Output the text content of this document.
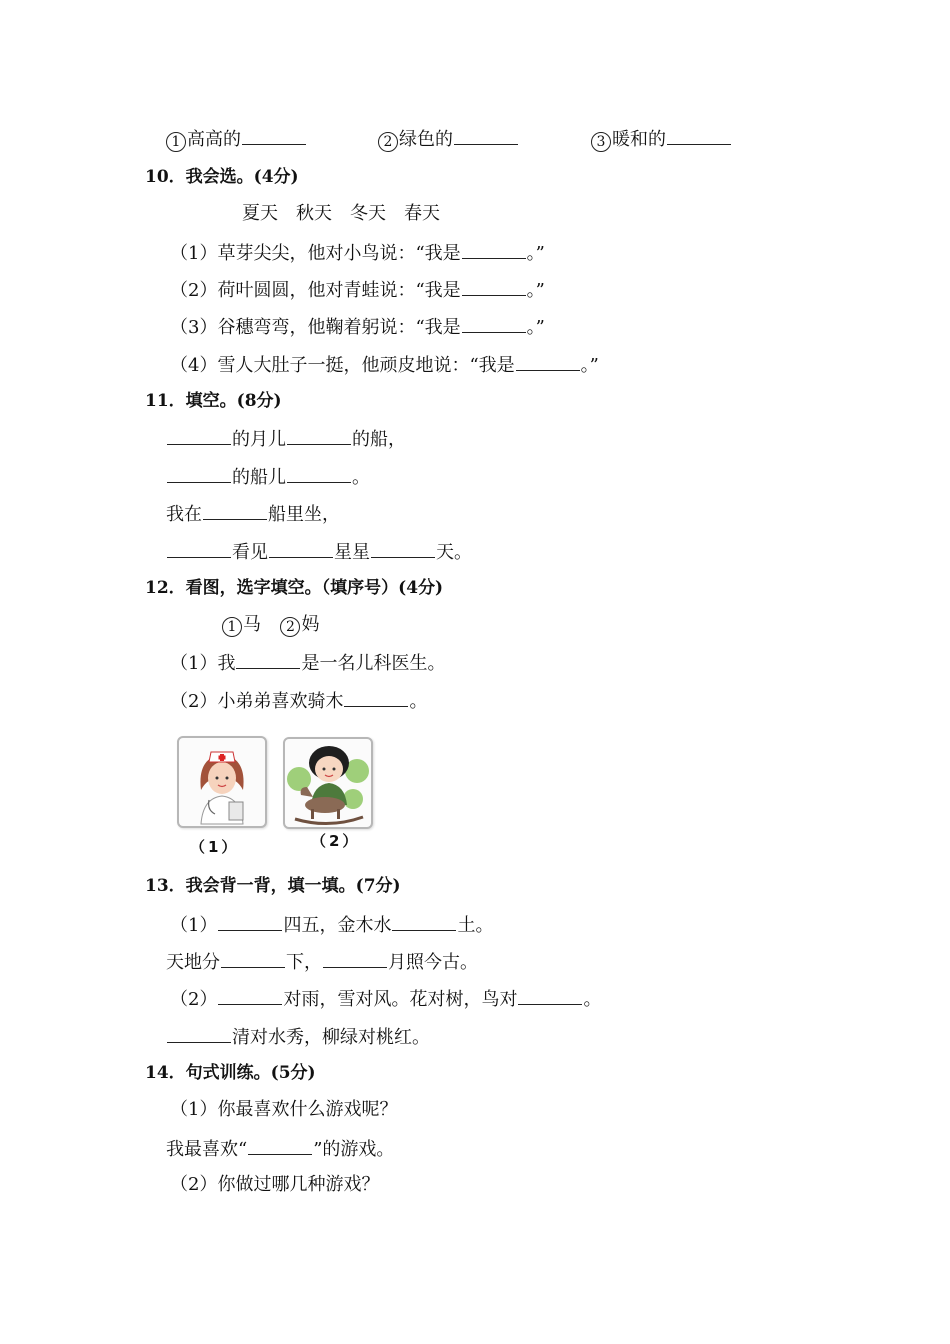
1 高高的	2 绿色的	3 暖和的
10．我会选。(4分)
夏天 秋天 冬天 春天
（1）草芽尖尖，他对小鸟说：“我是	。”
（2）荷叶圆圆，他对青蛙说：“我是	。”
（3）谷穗弯弯，他鞠着躬说：“我是	。”
（4）雪人大肚子一挺，他顽皮地说：“我是	。”
11．填空。(8分)
的月儿	的船，
的船儿	。
我在	船里坐，
看见	星星	天。
12．看图，选字填空。（填序号）(4分)
1 马 2 妈
（1）我	是一名儿科医生。
（2）小弟弟喜欢骑木	。
（1）	（2）
13．我会背一背，填一填。(7分)
（1）	四五，金木水	土。
天地分	下，	月照今古。
（2）	对雨，雪对风。花对树，鸟对	。
清对水秀，柳绿对桃红。
14．句式训练。(5分)
（1）你最喜欢什么游戏呢？
我最喜欢“	”的游戏。
（2）你做过哪几种游戏？
